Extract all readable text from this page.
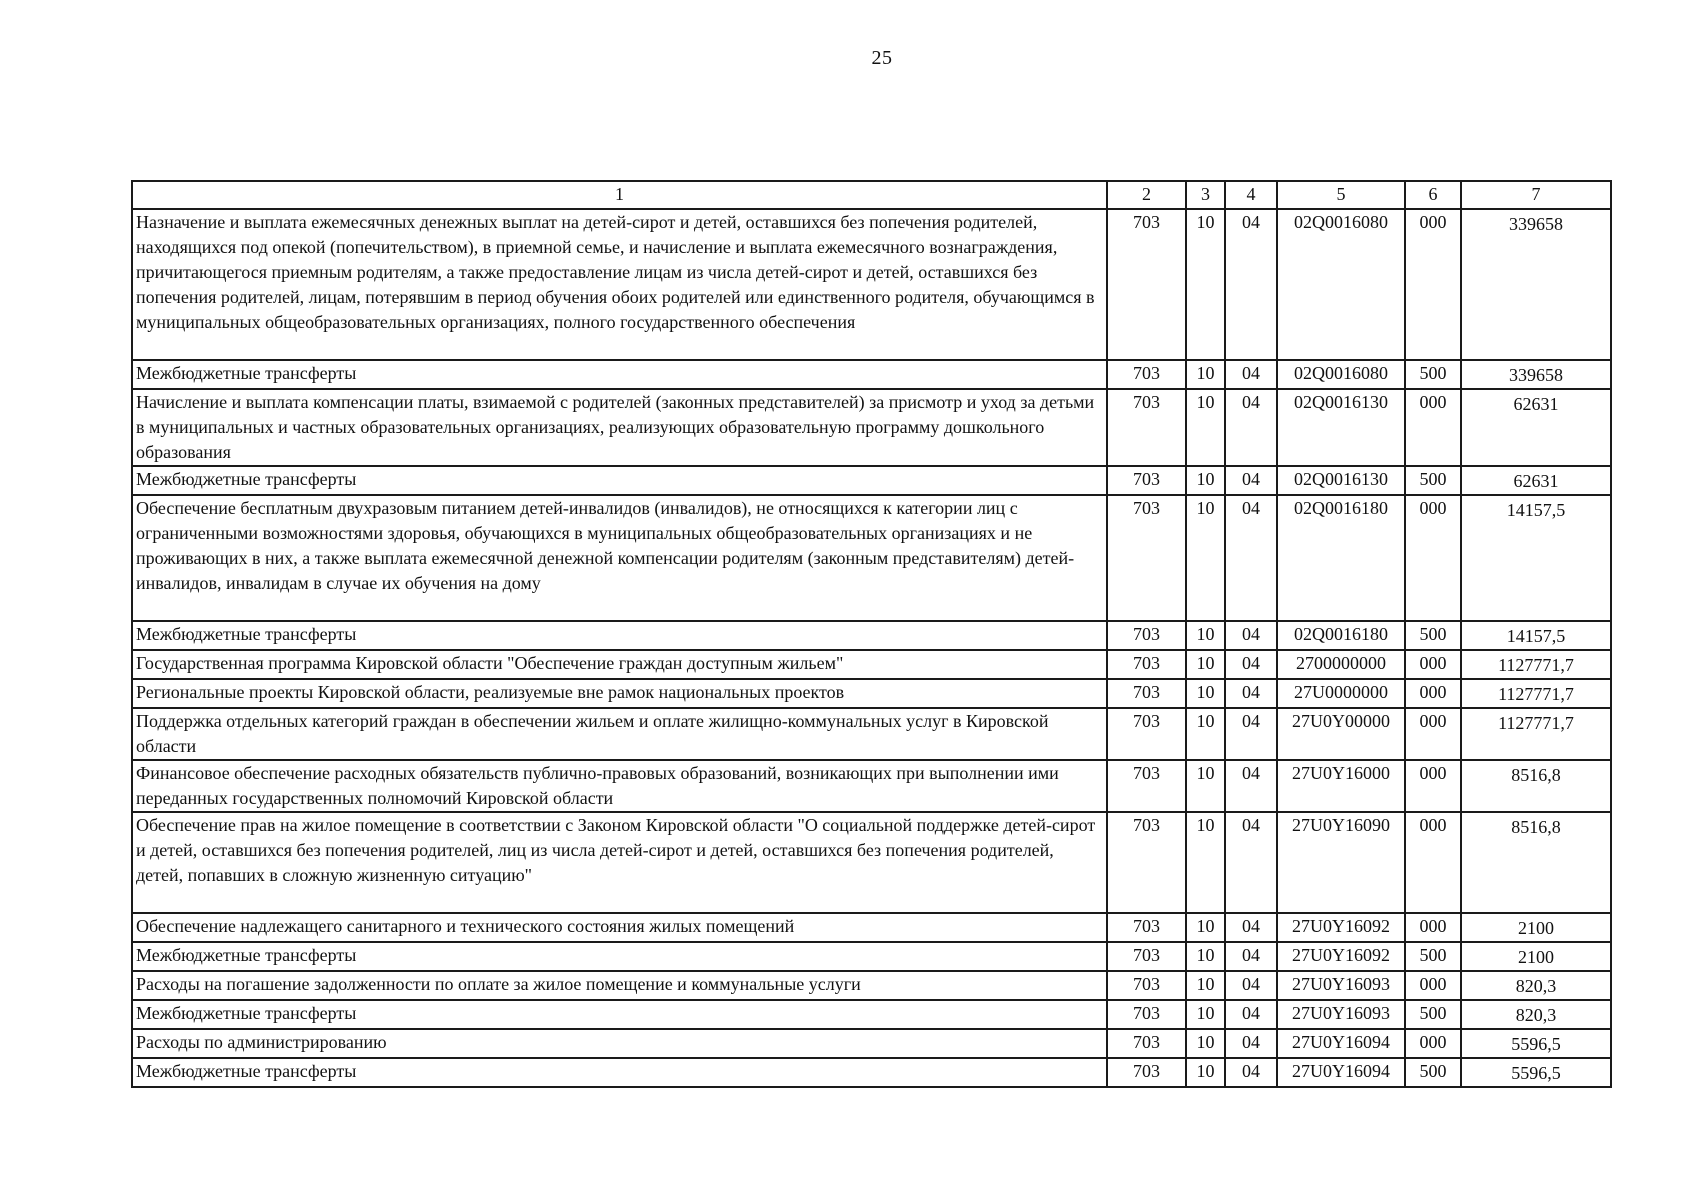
25
1	2	3	4	5	6	7
Назначение и выплата ежемесячных денежных выплат на детей-сирот и детей, оставшихся без попечения родителей, находящихся под опекой (попечительством), в приемной семье, и начисление и выплата ежемесячного вознаграждения, причитающегося приемным родителям, а также предоставление лицам из числа детей-сирот и детей, оставшихся без попечения родителей, лицам, потерявшим в период обучения обоих родителей или единственного родителя, обучающимся в муниципальных общеобразовательных организациях, полного государственного обеспечения	703	10	04	02Q0016080	000	339658
Межбюджетные трансферты	703	10	04	02Q0016080	500	339658
Начисление и выплата компенсации платы, взимаемой с родителей (законных представителей) за присмотр и уход за детьми в муниципальных и частных образовательных организациях, реализующих образовательную программу дошкольного образования	703	10	04	02Q0016130	000	62631
Межбюджетные трансферты	703	10	04	02Q0016130	500	62631
Обеспечение бесплатным двухразовым питанием детей-инвалидов (инвалидов), не относящихся к категории лиц с ограниченными возможностями здоровья, обучающихся в муниципальных общеобразовательных организациях и не проживающих в них, а также выплата ежемесячной денежной компенсации родителям (законным представителям) детей-инвалидов, инвалидам в случае их обучения на дому	703	10	04	02Q0016180	000	14157,5
Межбюджетные трансферты	703	10	04	02Q0016180	500	14157,5
Государственная программа Кировской области "Обеспечение граждан доступным жильем"	703	10	04	2700000000	000	1127771,7
Региональные проекты Кировской области, реализуемые вне рамок национальных проектов	703	10	04	27U0000000	000	1127771,7
Поддержка отдельных категорий граждан в обеспечении жильем и оплате жилищно-коммунальных услуг в Кировской области	703	10	04	27U0Y00000	000	1127771,7
Финансовое обеспечение расходных обязательств публично-правовых образований, возникающих при выполнении ими переданных государственных полномочий Кировской области	703	10	04	27U0Y16000	000	8516,8
Обеспечение прав на жилое помещение в соответствии с Законом Кировской области "О социальной поддержке детей-сирот и детей, оставшихся без попечения родителей, лиц из числа детей-сирот и детей, оставшихся без попечения родителей, детей, попавших в сложную жизненную ситуацию"	703	10	04	27U0Y16090	000	8516,8
Обеспечение надлежащего санитарного и технического состояния жилых помещений	703	10	04	27U0Y16092	000	2100
Межбюджетные трансферты	703	10	04	27U0Y16092	500	2100
Расходы на погашение задолженности по оплате за жилое помещение и коммунальные услуги	703	10	04	27U0Y16093	000	820,3
Межбюджетные трансферты	703	10	04	27U0Y16093	500	820,3
Расходы по администрированию	703	10	04	27U0Y16094	000	5596,5
Межбюджетные трансферты	703	10	04	27U0Y16094	500	5596,5
